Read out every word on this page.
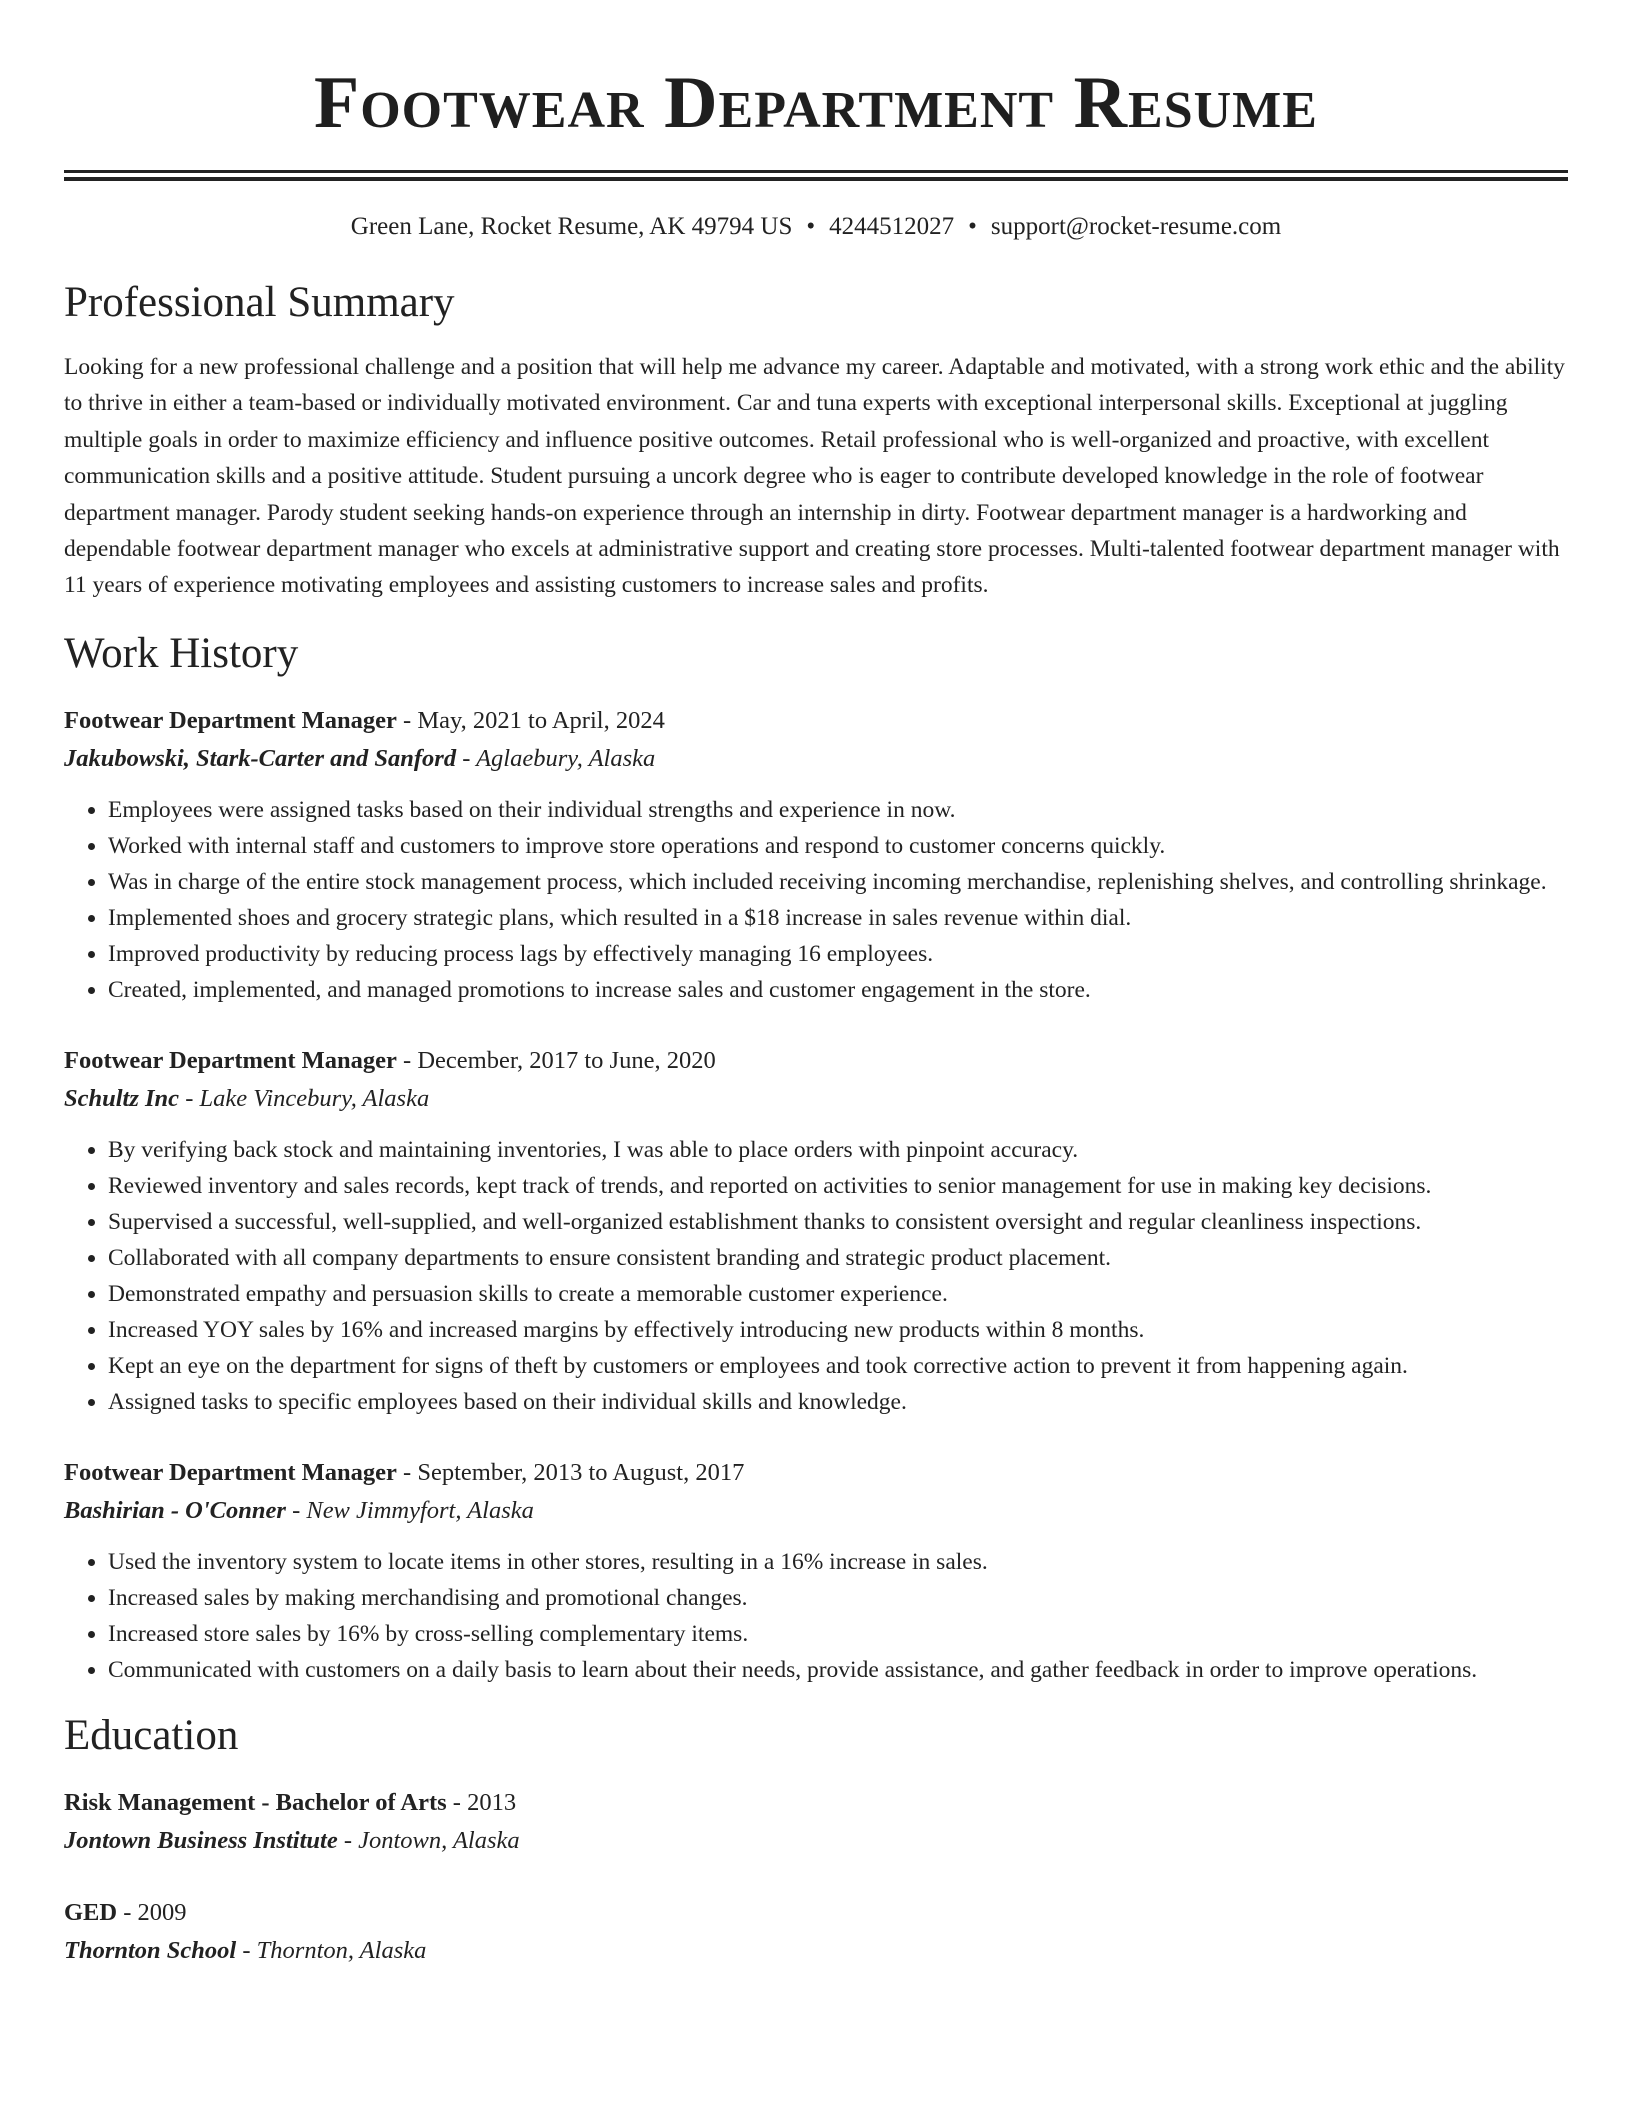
Footwear Department Resume
Green Lane, Rocket Resume, AK 49794 US • 4244512027 • support@rocket-resume.com
Professional Summary

Looking for a new professional challenge and a position that will help me advance my career. Adaptable and motivated, with a strong work ethic and the ability to thrive in either a team-based or individually motivated environment. Car and tuna experts with exceptional interpersonal skills. Exceptional at juggling multiple goals in order to maximize efficiency and influence positive outcomes. Retail professional who is well-organized and proactive, with excellent communication skills and a positive attitude. Student pursuing a uncork degree who is eager to contribute developed knowledge in the role of footwear department manager. Parody student seeking hands-on experience through an internship in dirty. Footwear department manager is a hardworking and dependable footwear department manager who excels at administrative support and creating store processes. Multi-talented footwear department manager with 11 years of experience motivating employees and assisting customers to increase sales and profits.

Work History
Footwear Department Manager - May, 2021 to April, 2024
Jakubowski, Stark-Carter and Sanford - Aglaebury, Alaska
• Employees were assigned tasks based on their individual strengths and experience in now.
• Worked with internal staff and customers to improve store operations and respond to customer concerns quickly.
• Was in charge of the entire stock management process, which included receiving incoming merchandise, replenishing shelves, and controlling shrinkage.
• Implemented shoes and grocery strategic plans, which resulted in a $18 increase in sales revenue within dial.
• Improved productivity by reducing process lags by effectively managing 16 employees.
• Created, implemented, and managed promotions to increase sales and customer engagement in the store.
Footwear Department Manager - December, 2017 to June, 2020
Schultz Inc - Lake Vincebury, Alaska
• By verifying back stock and maintaining inventories, I was able to place orders with pinpoint accuracy.
• Reviewed inventory and sales records, kept track of trends, and reported on activities to senior management for use in making key decisions.
• Supervised a successful, well-supplied, and well-organized establishment thanks to consistent oversight and regular cleanliness inspections.
• Collaborated with all company departments to ensure consistent branding and strategic product placement.
• Demonstrated empathy and persuasion skills to create a memorable customer experience.
• Increased YOY sales by 16% and increased margins by effectively introducing new products within 8 months.
• Kept an eye on the department for signs of theft by customers or employees and took corrective action to prevent it from happening again.
• Assigned tasks to specific employees based on their individual skills and knowledge.
Footwear Department Manager - September, 2013 to August, 2017
Bashirian - O'Conner - New Jimmyfort, Alaska
• Used the inventory system to locate items in other stores, resulting in a 16% increase in sales.
• Increased sales by making merchandising and promotional changes.
• Increased store sales by 16% by cross-selling complementary items.
• Communicated with customers on a daily basis to learn about their needs, provide assistance, and gather feedback in order to improve operations.
Education
Risk Management - Bachelor of Arts - 2013
Jontown Business Institute - Jontown, Alaska
GED - 2009
Thornton School - Thornton, Alaska
